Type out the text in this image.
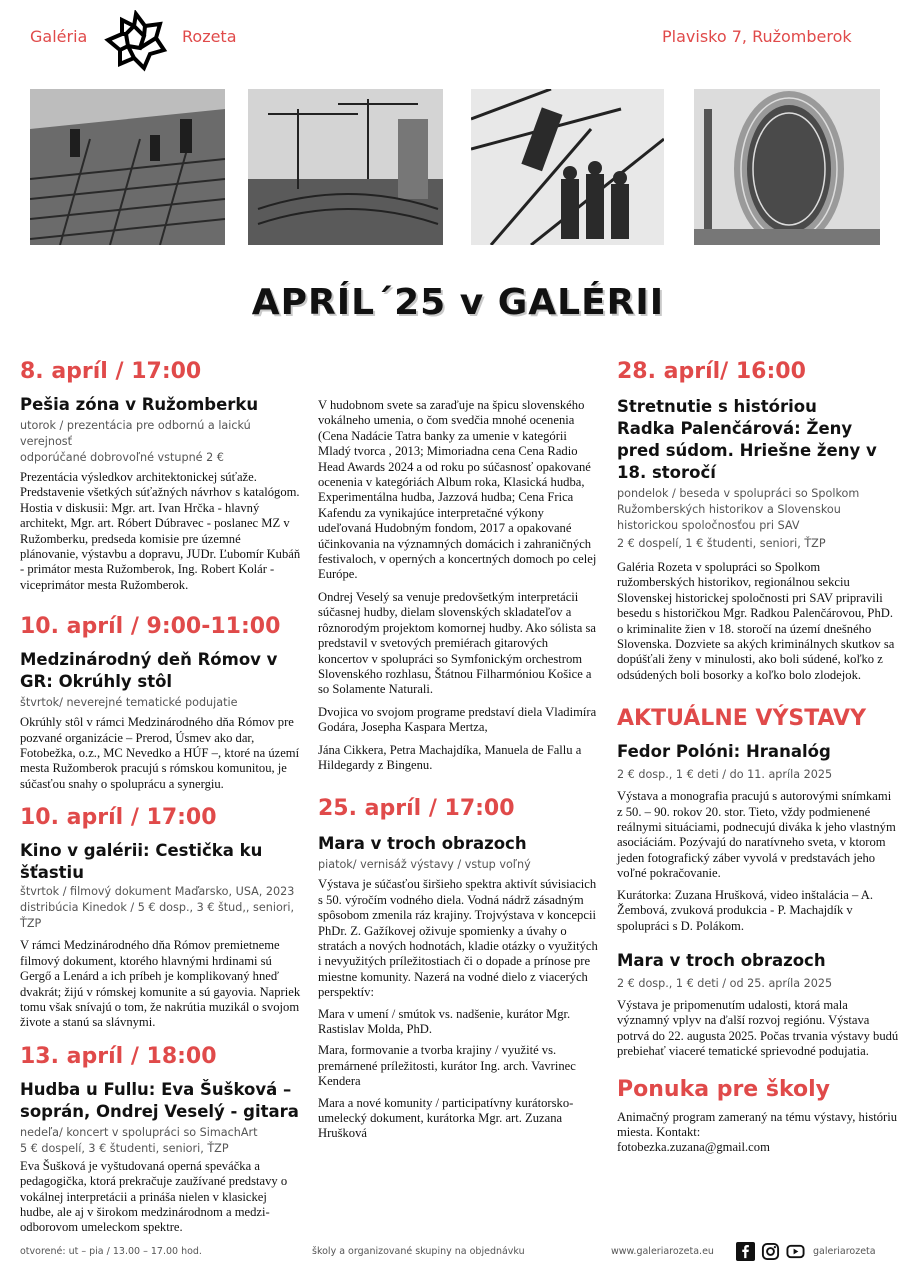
Galéria	Rozeta	Plavisko 7, Ružomberok
APRÍL´25 v GALÉRII
8. apríl / 17:00
Pešia zóna v Ružomberku
utorok / prezentácia pre odbornú a laickú verejnosť
odporúčané dobrovoľné vstupné 2 €
Prezentácia výsledkov architektonickej súťaže. Predstavenie všetkých súťažných návrhov s katalógom. Hostia v diskusii: Mgr. art. Ivan Hrčka - hlavný architekt, Mgr. art. Róbert Dúbravec - poslanec MZ v Ružomberku, predseda komisie pre územné plánovanie, výstavbu a dopravu, JUDr. Ľubomír Kubáň - primátor mesta Ružomberok, Ing. Robert Kolár - viceprimátor mesta Ružomberok.
10. apríl / 9:00-11:00
Medzinárodný deň Rómov v GR: Okrúhly stôl
štvrtok/ neverejné tematické podujatie
Okrúhly stôl v rámci Medzinárodného dňa Rómov pre pozvané organizácie – Prerod, Úsmev ako dar, Fotobežka, o.z., MC Nevedko a HÚF –, ktoré na území mesta Ružomberok pracujú s rómskou komunitou, je súčasťou snahy o spoluprácu a synergiu.
10. apríl / 17:00
Kino v galérii: Cestička ku šťastiu
štvrtok / filmový dokument Maďarsko, USA, 2023
distribúcia Kinedok / 5 € dosp., 3 € štud,, seniori, ŤZP
V rámci Medzinárodného dňa Rómov premietneme filmový dokument, ktorého hlavnými hrdinami sú Gergő a Lenárd a ich príbeh je komplikovaný hneď dvakrát; žijú v rómskej komunite a sú gayovia. Napriek tomu však snívajú o tom, že nakrútia muzikál o svojom živote a stanú sa slávnymi.
13. apríl / 18:00
Hudba u Fullu: Eva Šušková – soprán, Ondrej Veselý - gitara
nedeľa/ koncert v spolupráci so SimachArt
5 € dospelí, 3 € študenti, seniori, ŤZP
Eva Šušková je vyštudovaná operná speváčka a pedagogička, ktorá prekračuje zaužívané predstavy o vokálnej interpretácii a prináša nielen v klasickej hudbe, ale aj v širokom medzinárodnom a medzi-odborovom umeleckom spektre.
V hudobnom svete sa zaraďuje na špicu slovenského vokálneho umenia, o čom svedčia mnohé ocenenia (Cena Nadácie Tatra banky za umenie v kategórii Mladý tvorca , 2013; Mimoriadna cena Cena Radio Head Awards 2024 a od roku po súčasnosť opakované ocenenia v kategóriách Album roka, Klasická hudba, Experimentálna hudba, Jazzová hudba; Cena Frica Kafendu za vynikajúce interpretačné výkony udeľovaná Hudobným fondom, 2017 a opakované účinkovania na významných domácich i zahraničných festivaloch, v operných a koncertných domoch po celej Európe.
Ondrej Veselý sa venuje predovšetkým interpretácii súčasnej hudby, dielam slovenských skladateľov a rôznorodým projektom komornej hudby. Ako sólista sa predstavil v svetových premiérach gitarových koncertov v spolupráci so Symfonickým orchestrom Slovenského rozhlasu, Štátnou Filharmóniou Košice a so Solamente Naturali.
Dvojica vo svojom programe predstaví diela Vladimíra Godára, Josepha Kaspara Mertza,
Jána Cikkera, Petra Machajdíka, Manuela de Fallu a Hildegardy z Bingenu.
25. apríl / 17:00
Mara v troch obrazoch
piatok/ vernisáž výstavy / vstup voľný
Výstava je súčasťou širšieho spektra aktivít súvisiacich s 50. výročím vodného diela. Vodná nádrž zásadným spôsobom zmenila ráz krajiny. Trojvýstava v koncepcii PhDr. Z. Gažíkovej oživuje spomienky a úvahy o stratách a nových hodnotách, kladie otázky o využitých i nevyužitých príležitostiach či o dopade a prínose pre miestne komunity. Nazerá na vodné dielo z viacerých perspektív:
Mara v umení / smútok vs. nadšenie, kurátor Mgr. Rastislav Molda, PhD.
Mara, formovanie a tvorba krajiny / využité vs. premárnené príležitosti, kurátor Ing. arch. Vavrinec Kendera
Mara a nové komunity / participatívny kurátorsko-umelecký dokument, kurátorka Mgr. art. Zuzana Hrušková
28. apríl/ 16:00
Stretnutie s históriou
Radka Palenčárová: Ženy pred súdom. Hriešne ženy v 18. storočí
pondelok / beseda v spolupráci so Spolkom Ružomberských historikov a Slovenskou historickou spoločnosťou pri SAV
2 € dospelí, 1 € študenti, seniori, ŤZP
Galéria Rozeta v spolupráci so Spolkom ružomberských historikov, regionálnou sekciu Slovenskej historickej spoločnosti pri SAV pripravili besedu s historičkou Mgr. Radkou Palenčárovou, PhD. o kriminalite žien v 18. storočí na území dnešného Slovenska. Dozviete sa akých kriminálnych skutkov sa dopúšťali ženy v minulosti, ako boli súdené, koľko z odsúdených boli bosorky a koľko bolo zlodejok.
AKTUÁLNE VÝSTAVY
Fedor Polóni: Hranalóg
2 € dosp., 1 € deti / do 11. apríla 2025
Výstava a monografia pracujú s autorovými snímkami z 50. – 90. rokov 20. stor. Tieto, vždy podmienené reálnymi situáciami, podnecujú diváka k jeho vlastným asociáciám. Pozývajú do naratívneho sveta, v ktorom jeden fotografický záber vyvolá v predstavách jeho voľné pokračovanie.
Kurátorka: Zuzana Hrušková, video inštalácia – A. Žembová, zvuková produkcia - P. Machajdík v spolupráci s D. Polákom.
Mara v troch obrazoch
2 € dosp., 1 € deti / od 25. apríla 2025
Výstava je pripomenutím udalosti, ktorá mala významný vplyv na ďalší rozvoj regiónu. Výstava potrvá do 22. augusta 2025. Počas trvania výstavy budú prebiehať viaceré tematické sprievodné podujatia.
Ponuka pre školy
Animačný program zameraný na tému výstavy, históriu miesta. Kontakt:
fotobezka.zuzana@gmail.com
otvorené: ut – pia / 13.00 – 17.00 hod.	školy a organizované skupiny na objednávku	www.galeriarozeta.eu	galeriarozeta
